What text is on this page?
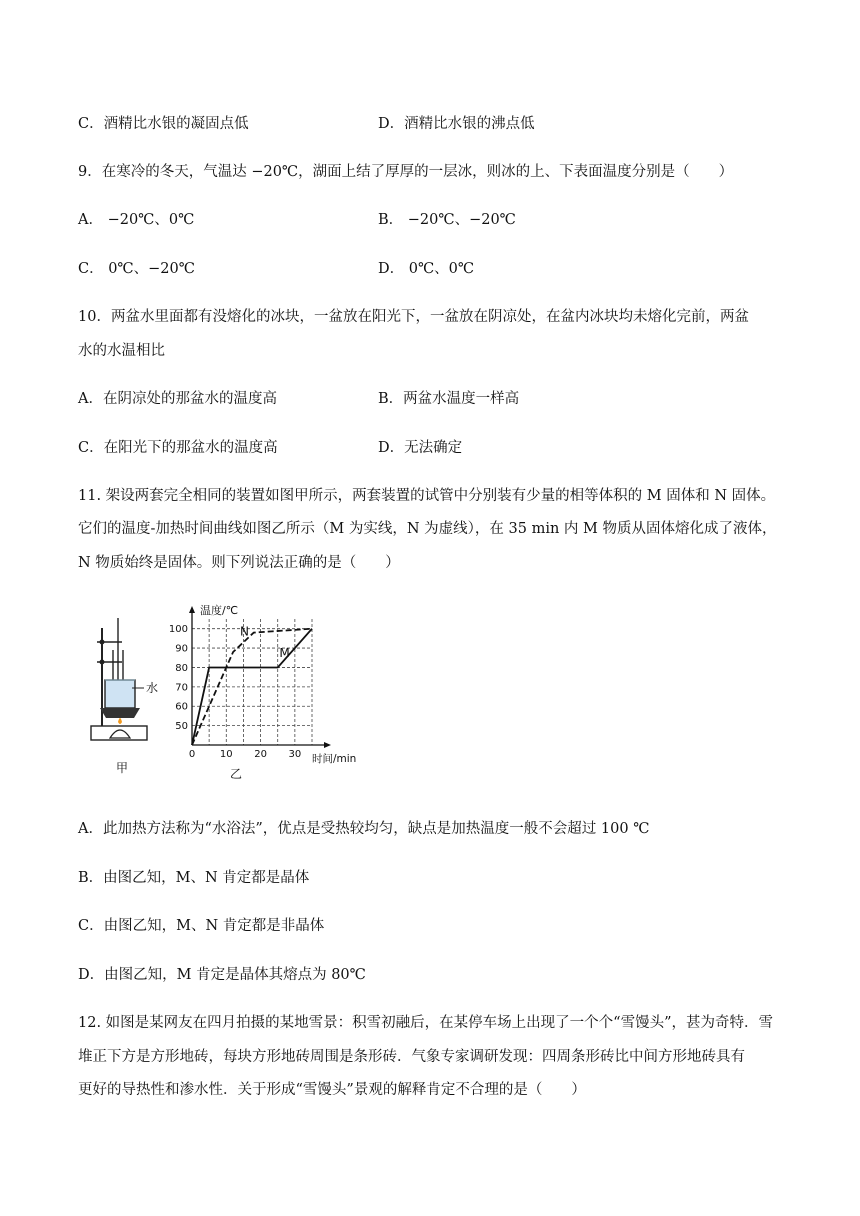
C．酒精比水银的凝固点低	D．酒精比水银的沸点低
9．在寒冷的冬天，气温达 −20℃，湖面上结了厚厚的一层冰，则冰的上、下表面温度分别是（　　）
A． −20℃、0℃	B． −20℃、−20℃
C． 0℃、−20℃	D． 0℃、0℃
10．两盆水里面都有没熔化的冰块，一盆放在阳光下，一盆放在阴凉处，在盆内冰块均未熔化完前，两盆
水的水温相比
A．在阴凉处的那盆水的温度高	B．两盆水温度一样高
C．在阳光下的那盆水的温度高	D．无法确定
11. 架设两套完全相同的装置如图甲所示，两套装置的试管中分别装有少量的相等体积的 M 固体和 N 固体。
它们的温度-加热时间曲线如图乙所示（M 为实线，N 为虚线），在 35 min 内 M 物质从固体熔化成了液体，
N 物质始终是固体。则下列说法正确的是（　　）
水
甲
0 10 20 30
50
60
70
80
90
100
M
N
温度/℃
时间/min
乙
A．此加热方法称为“水浴法”，优点是受热较均匀，缺点是加热温度一般不会超过 100 ℃
B．由图乙知，M、N 肯定都是晶体
C．由图乙知，M、N 肯定都是非晶体
D．由图乙知，M 肯定是晶体其熔点为 80℃
12. 如图是某网友在四月拍摄的某地雪景：积雪初融后，在某停车场上出现了一个个“雪馒头”，甚为奇特．雪
堆正下方是方形地砖，每块方形地砖周围是条形砖．气象专家调研发现：四周条形砖比中间方形地砖具有
更好的导热性和渗水性．关于形成“雪馒头”景观的解释肯定不合理的是（　　）
